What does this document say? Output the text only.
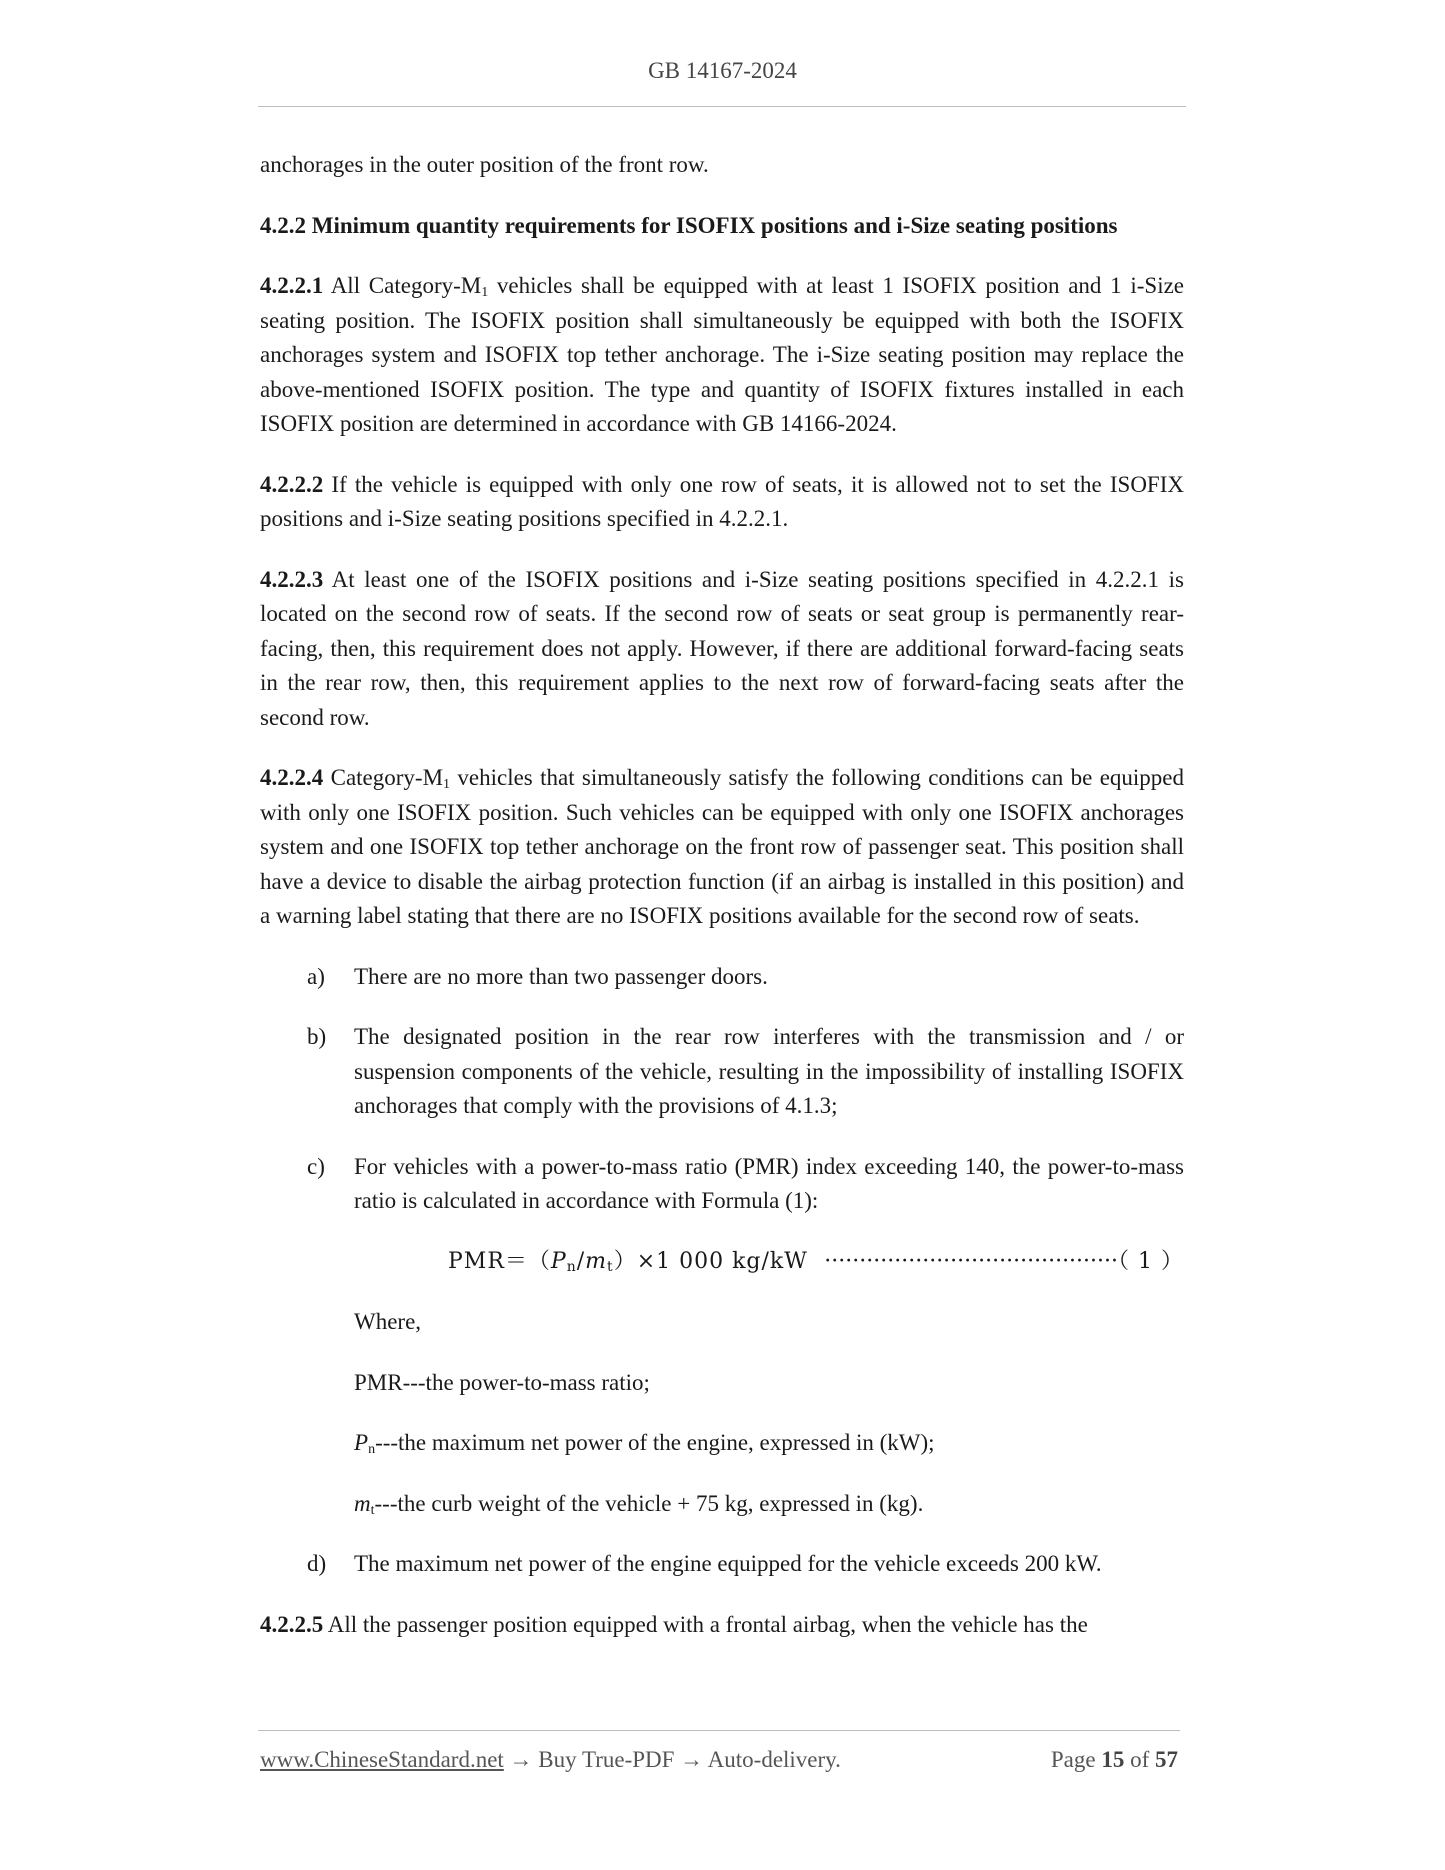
GB 14167-2024

anchorages in the outer position of the front row.

4.2.2 Minimum quantity requirements for ISOFIX positions and i-Size seating positions

4.2.2.1 All Category-$M_1$ vehicles shall be equipped with at least 1 ISOFIX position and 1 i-Size seating position. The ISOFIX position shall simultaneously be equipped with both the ISOFIX anchorages system and ISOFIX top tether anchorage. The i-Size seating position may replace the above-mentioned ISOFIX position. The type and quantity of ISOFIX fixtures installed in each ISOFIX position are determined in accordance with GB 14166-2024.

4.2.2.2 If the vehicle is equipped with only one row of seats, it is allowed not to set the ISOFIX positions and i-Size seating positions specified in 4.2.2.1.

4.2.2.3 At least one of the ISOFIX positions and i-Size seating positions specified in 4.2.2.1 is located on the second row of seats. If the second row of seats or seat group is permanently rear-facing, then, this requirement does not apply. However, if there are additional forward-facing seats in the rear row, then, this requirement applies to the next row of forward-facing seats after the second row.

4.2.2.4 Category-$M_1$ vehicles that simultaneously satisfy the following conditions can be equipped with only one ISOFIX position. Such vehicles can be equipped with only one ISOFIX anchorages system and one ISOFIX top tether anchorage on the front row of passenger seat. This position shall have a device to disable the airbag protection function (if an airbag is installed in this position) and a warning label stating that there are no ISOFIX positions available for the second row of seats.

a)	There are no more than two passenger doors.
b)	The designated position in the rear row interferes with the transmission and / or suspension components of the vehicle, resulting in the impossibility of installing ISOFIX anchorages that comply with the provisions of 4.1.3;
c)	For vehicles with a power-to-mass ratio (PMR) index exceeding 140, the power-to-mass ratio is calculated in accordance with Formula (1):
$PMR=(P_n/m_t)\times 1$ 000 kg/kW ··········································（ 1 ）

Where,

PMR---the power-to-mass ratio;

$P_n--$-the maximum net power of the engine, expressed in (kW);

$m_t--$-the curb weight of the vehicle + 75 kg, expressed in (kg).

d)	The maximum net power of the engine equipped for the vehicle exceeds 200 kW.

4.2.2.5 All the passenger position equipped with a frontal airbag, when the vehicle has the

www.ChineseStandard.net → Buy True-PDF → Auto-delivery.	Page 15 of 57
